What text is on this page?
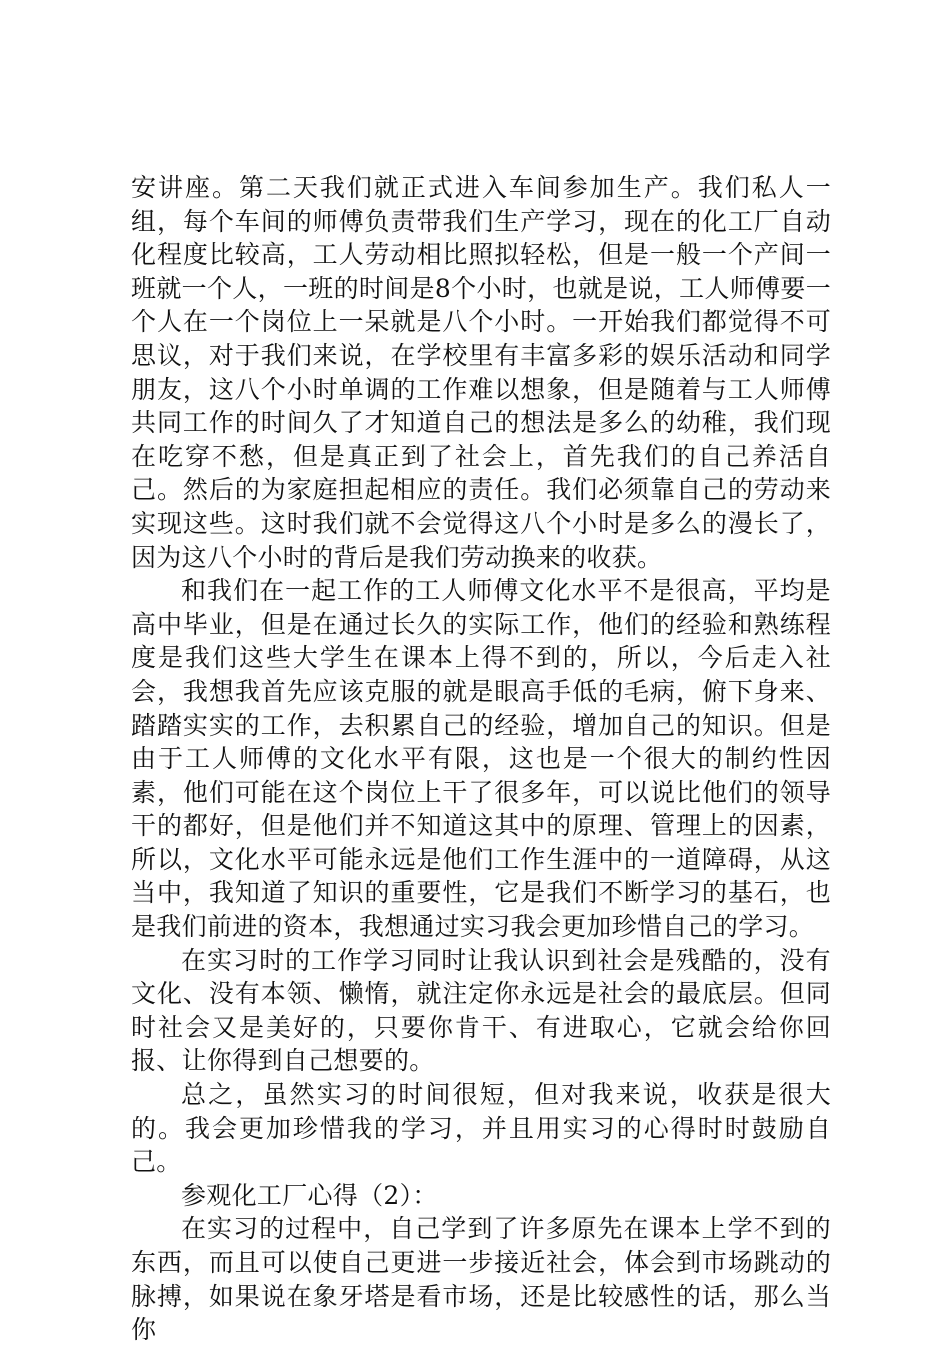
安讲座。第二天我们就正式进入车间参加生产。我们私人一组，每个车间的师傅负责带我们生产学习，现在的化工厂自动化程度比较高，工人劳动相比照拟轻松，但是一般一个产间一班就一个人，一班的时间是8个小时，也就是说，工人师傅要一个人在一个岗位上一呆就是八个小时。一开始我们都觉得不可思议，对于我们来说，在学校里有丰富多彩的娱乐活动和同学朋友，这八个小时单调的工作难以想象，但是随着与工人师傅共同工作的时间久了才知道自己的想法是多么的幼稚，我们现在吃穿不愁，但是真正到了社会上，首先我们的自己养活自己。然后的为家庭担起相应的责任。我们必须靠自己的劳动来实现这些。这时我们就不会觉得这八个小时是多么的漫长了，因为这八个小时的背后是我们劳动换来的收获。

和我们在一起工作的工人师傅文化水平不是很高，平均是高中毕业，但是在通过长久的实际工作，他们的经验和熟练程度是我们这些大学生在课本上得不到的，所以，今后走入社会，我想我首先应该克服的就是眼高手低的毛病，俯下身来、踏踏实实的工作，去积累自己的经验，增加自己的知识。但是由于工人师傅的文化水平有限，这也是一个很大的制约性因素，他们可能在这个岗位上干了很多年，可以说比他们的领导干的都好，但是他们并不知道这其中的原理、管理上的因素，所以，文化水平可能永远是他们工作生涯中的一道障碍，从这当中，我知道了知识的重要性，它是我们不断学习的基石，也是我们前进的资本，我想通过实习我会更加珍惜自己的学习。

在实习时的工作学习同时让我认识到社会是残酷的，没有文化、没有本领、懒惰，就注定你永远是社会的最底层。但同时社会又是美好的，只要你肯干、有进取心，它就会给你回报、让你得到自己想要的。

总之，虽然实习的时间很短，但对我来说，收获是很大的。我会更加珍惜我的学习，并且用实习的心得时时鼓励自己。

参观化工厂心得（2）：

在实习的过程中，自己学到了许多原先在课本上学不到的东西，而且可以使自己更进一步接近社会，体会到市场跳动的脉搏，如果说在象牙塔是看市场，还是比较感性的话，那么当你
